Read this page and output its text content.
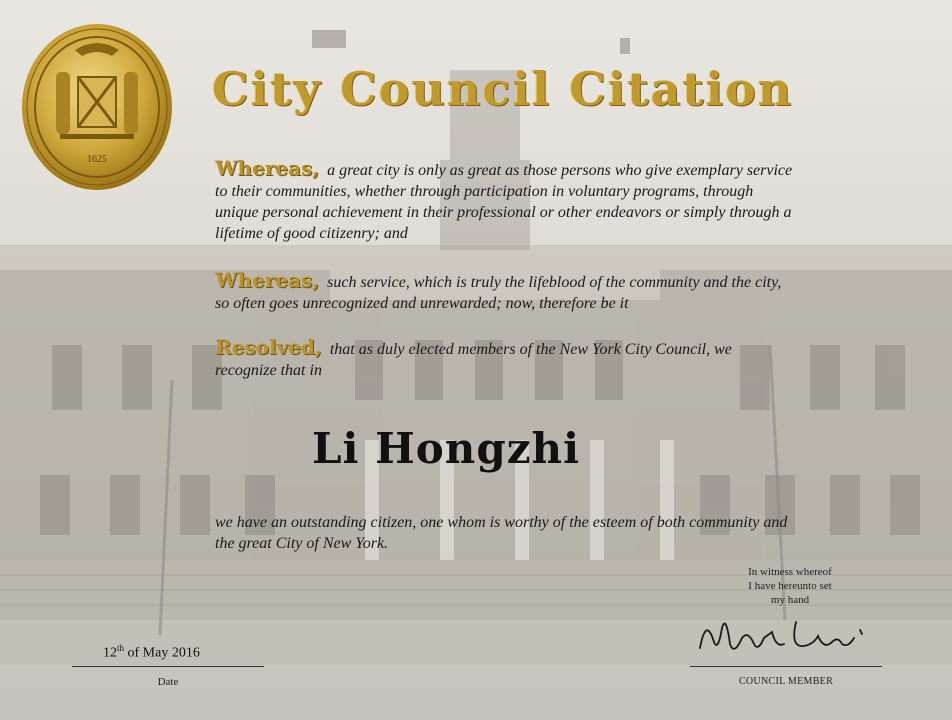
1625
City Council Citation
Whereas, a great city is only as great as those persons who give exemplary service to their communities, whether through participation in voluntary programs, through unique personal achievement in their professional or other endeavors or simply through a lifetime of good citizenry; and
Whereas, such service, which is truly the lifeblood of the community and the city, so often goes unrecognized and unrewarded; now, therefore be it
Resolved, that as duly elected members of the New York City Council, we recognize that in
Li Hongzhi
we have an outstanding citizen, one whom is worthy of the esteem of both community and the great City of New York.
In witness whereof
I have hereunto set
my hand
12th of May 2016
Date	COUNCIL MEMBER
